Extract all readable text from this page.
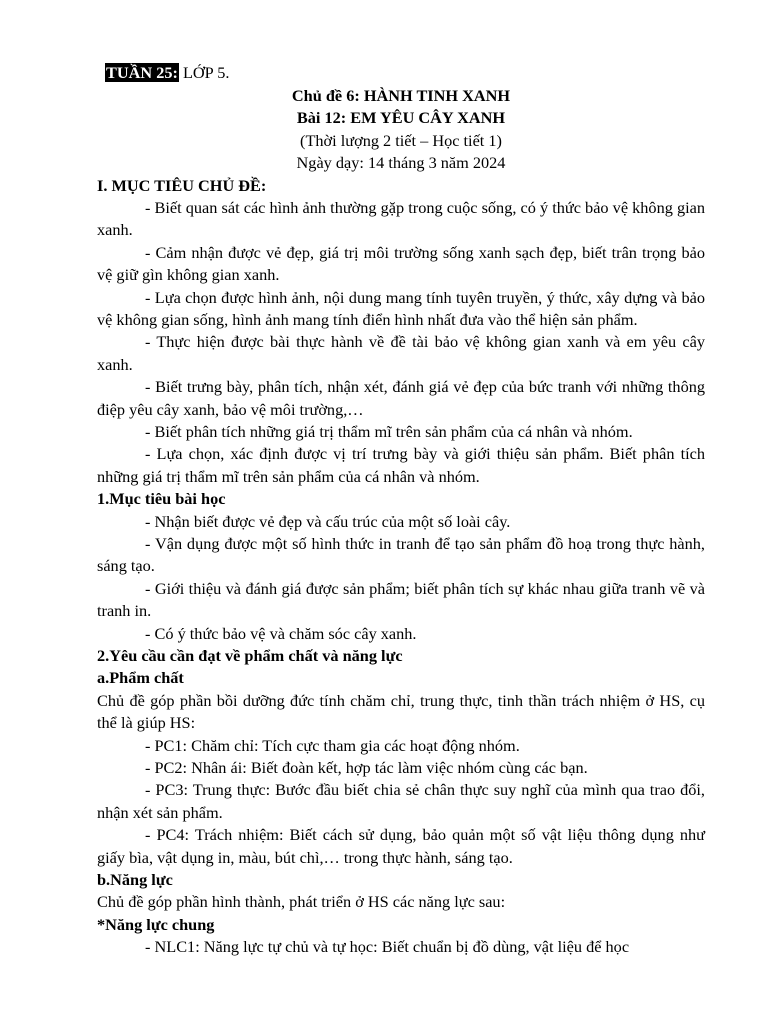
TUẦN 25: LỚP 5.
Chủ đề 6: HÀNH TINH XANH
Bài 12: EM YÊU CÂY XANH
(Thời lượng 2 tiết – Học tiết 1)
Ngày dạy: 14 tháng 3 năm 2024
I. MỤC TIÊU CHỦ ĐỀ:

- Biết quan sát các hình ảnh thường gặp trong cuộc sống, có ý thức bảo vệ không gian xanh.

- Cảm nhận được vẻ đẹp, giá trị môi trường sống xanh sạch đẹp, biết trân trọng bảo vệ giữ gìn không gian xanh.

- Lựa chọn được hình ảnh, nội dung mang tính tuyên truyền, ý thức, xây dựng và bảo vệ không gian sống, hình ảnh mang tính điển hình nhất đưa vào thể hiện sản phẩm.

- Thực hiện được bài thực hành về đề tài bảo vệ không gian xanh và em yêu cây xanh.

- Biết trưng bày, phân tích, nhận xét, đánh giá vẻ đẹp của bức tranh với những thông điệp yêu cây xanh, bảo vệ môi trường,…

- Biết phân tích những giá trị thẩm mĩ trên sản phẩm của cá nhân và nhóm.

- Lựa chọn, xác định được vị trí trưng bày và giới thiệu sản phẩm. Biết phân tích những giá trị thẩm mĩ trên sản phẩm của cá nhân và nhóm.

1.Mục tiêu bài học

- Nhận biết được vẻ đẹp và cấu trúc của một số loài cây.

- Vận dụng được một số hình thức in tranh để tạo sản phẩm đồ hoạ trong thực hành, sáng tạo.

- Giới thiệu và đánh giá được sản phẩm; biết phân tích sự khác nhau giữa tranh vẽ và tranh in.

- Có ý thức bảo vệ và chăm sóc cây xanh.

2.Yêu cầu cần đạt về phẩm chất và năng lực
a.Phẩm chất

Chủ đề góp phần bồi dưỡng đức tính chăm chỉ, trung thực, tinh thần trách nhiệm ở HS, cụ thể là giúp HS:

- PC1: Chăm chỉ: Tích cực tham gia các hoạt động nhóm.

- PC2: Nhân ái: Biết đoàn kết, hợp tác làm việc nhóm cùng các bạn.

- PC3: Trung thực: Bước đầu biết chia sẻ chân thực suy nghĩ của mình qua trao đổi, nhận xét sản phẩm.

- PC4: Trách nhiệm: Biết cách sử dụng, bảo quản một số vật liệu thông dụng như giấy bìa, vật dụng in, màu, bút chì,… trong thực hành, sáng tạo.

b.Năng lực

Chủ đề góp phần hình thành, phát triển ở HS các năng lực sau:

*Năng lực chung
- NLC1: Năng lực tự chủ và tự học: Biết chuẩn bị đồ dùng, vật liệu để học
